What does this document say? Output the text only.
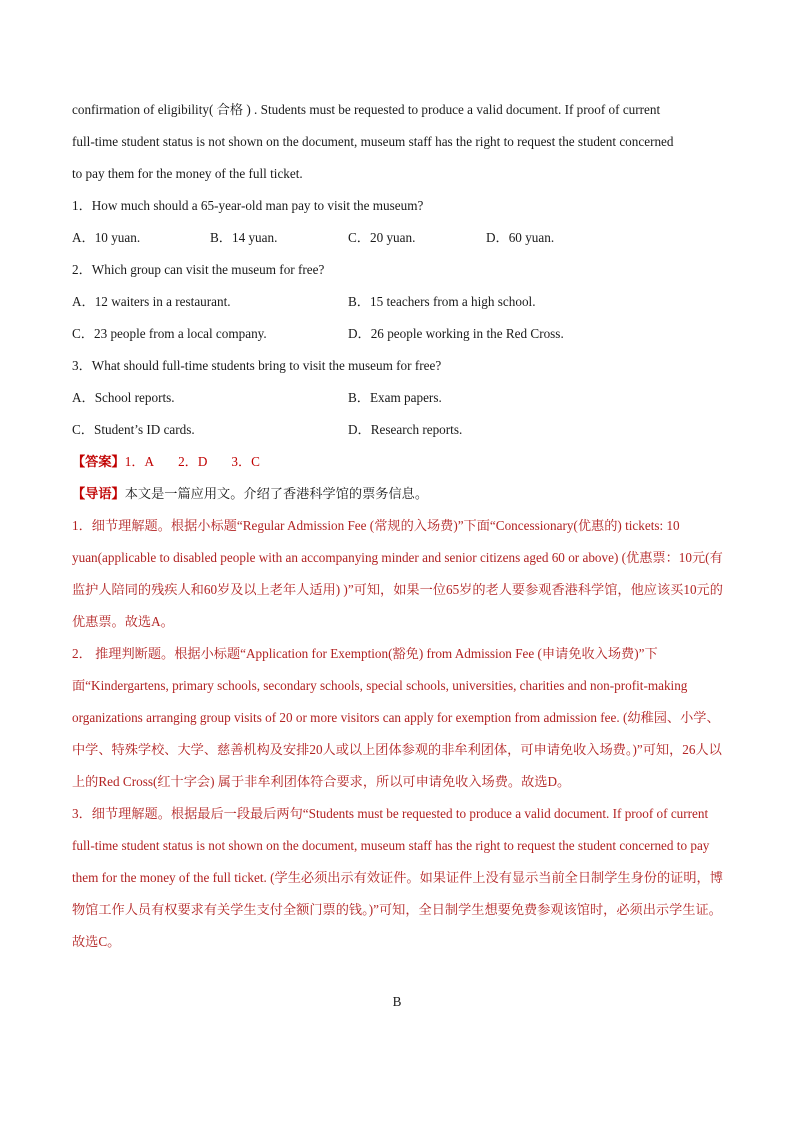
confirmation of eligibility( 合格 ) . Students must be requested to produce a valid document. If proof of current
full-time student status is not shown on the document, museum staff has the right to request the student concerned
to pay them for the money of the full ticket.
1．How much should a 65-year-old man pay to visit the museum?
A．10 yuan.	B．14 yuan.	C．20 yuan.	D．60 yuan.
2．Which group can visit the museum for free?
A．12 waiters in a restaurant.	B．15 teachers from a high school.
C．23 people from a local company.	D．26 people working in the Red Cross.
3．What should full-time students bring to visit the museum for free?
A．School reports.	B．Exam papers.
C．Student’s ID cards.	D．Research reports.
【答案】1．A 2．D 3．C
【导语】本文是一篇应用文。介绍了香港科学馆的票务信息。

1．细节理解题。根据小标题“Regular Admission Fee (常规的入场费)”下面“Concessionary(优惠的) tickets: 10 yuan(applicable to disabled people with an accompanying minder and senior citizens aged 60 or above) (优惠票：10元(有监护人陪同的残疾人和60岁及以上老年人适用) )”可知，如果一位65岁的老人要参观香港科学馆，他应该买10元的优惠票。故选A。

2． 推理判断题。根据小标题“Application for Exemption(豁免) from Admission Fee (申请免收入场费)”下面“Kindergartens, primary schools, secondary schools, special schools, universities, charities and non-profit-making organizations arranging group visits of 20 or more visitors can apply for exemption from admission fee. (幼稚园、小学、中学、特殊学校、大学、慈善机构及安排20人或以上团体参观的非牟利团体，可申请免收入场费。)”可知，26人以上的Red Cross(红十字会) 属于非牟利团体符合要求，所以可申请免收入场费。故选D。

3．细节理解题。根据最后一段最后两句“Students must be requested to produce a valid document. If proof of current full-time student status is not shown on the document, museum staff has the right to request the student concerned to pay them for the money of the full ticket. (学生必须出示有效证件。如果证件上没有显示当前全日制学生身份的证明，博物馆工作人员有权要求有关学生支付全额门票的钱。)”可知，全日制学生想要免费参观该馆时，必须出示学生证。故选C。

B
